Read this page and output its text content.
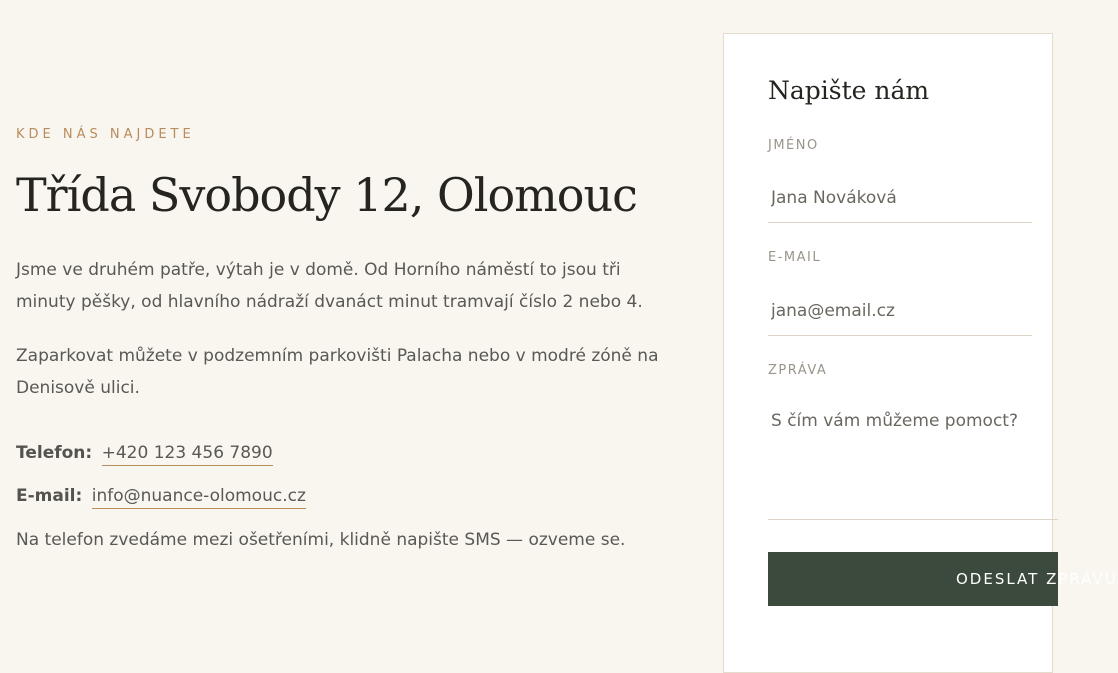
KDE NÁS NAJDETE
Třída Svobody 12, Olomouc

Jsme ve druhém patře, výtah je v domě. Od Horního náměstí to jsou tři minuty pěšky, od hlavního nádraží dvanáct minut tramvají číslo 2 nebo 4.

Zaparkovat můžete v podzemním parkovišti Palacha nebo v modré zóně na Denisově ulici.

Telefon: +420 123 456 7890
E-mail: info@nuance-olomouc.cz
Na telefon zvedáme mezi ošetřeními, klidně napište SMS — ozveme se.
Napište nám
JMÉNO
Jana Nováková
E-MAIL
jana@email.cz
ZPRÁVA
S čím vám můžeme pomoct?
ODESLAT ZPRÁVU
